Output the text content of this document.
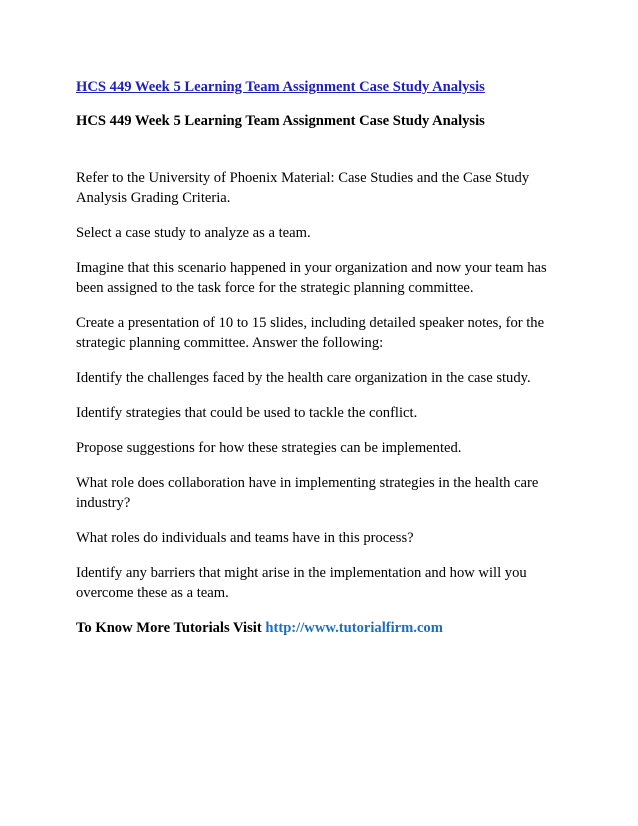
HCS 449 Week 5 Learning Team Assignment Case Study Analysis

HCS 449 Week 5 Learning Team Assignment Case Study Analysis

Refer to the University of Phoenix Material: Case Studies and the Case Study Analysis Grading Criteria.

Select a case study to analyze as a team.

Imagine that this scenario happened in your organization and now your team has been assigned to the task force for the strategic planning committee.

Create a presentation of 10 to 15 slides, including detailed speaker notes, for the strategic planning committee. Answer the following:

Identify the challenges faced by the health care organization in the case study.

Identify strategies that could be used to tackle the conflict.

Propose suggestions for how these strategies can be implemented.

What role does collaboration have in implementing strategies in the health care industry?

What roles do individuals and teams have in this process?

Identify any barriers that might arise in the implementation and how will you overcome these as a team.

To Know More Tutorials Visit http://www.tutorialfirm.com
